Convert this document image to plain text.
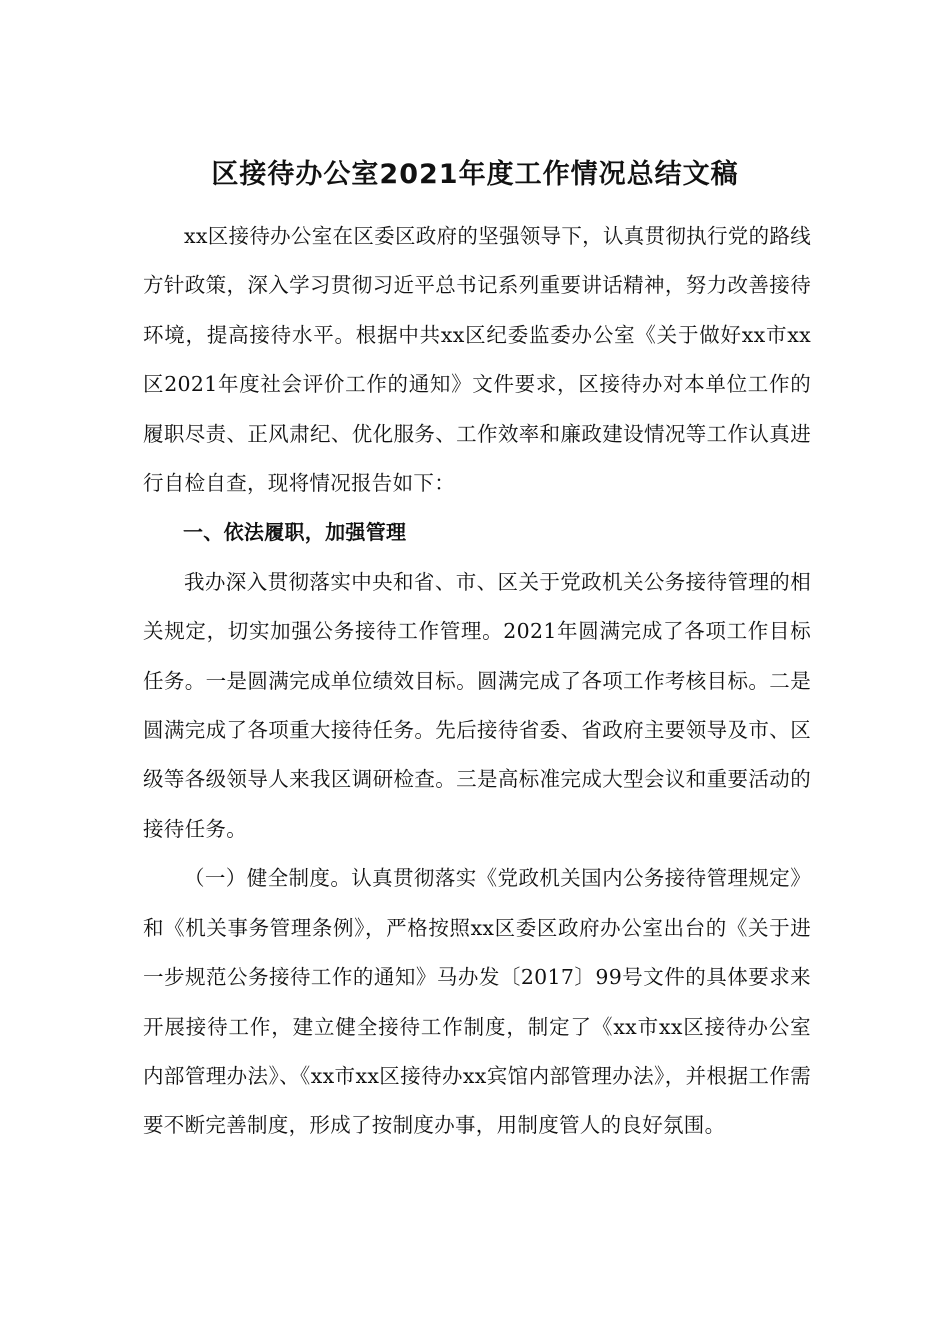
区接待办公室2021年度工作情况总结文稿

xx区接待办公室在区委区政府的坚强领导下，认真贯彻执行党的路线方针政策，深入学习贯彻习近平总书记系列重要讲话精神，努力改善接待环境，提高接待水平。根据中共xx区纪委监委办公室《关于做好xx市xx区2021年度社会评价工作的通知》文件要求，区接待办对本单位工作的履职尽责、正风肃纪、优化服务、工作效率和廉政建设情况等工作认真进行自检自查，现将情况报告如下：

一、依法履职，加强管理

我办深入贯彻落实中央和省、市、区关于党政机关公务接待管理的相关规定，切实加强公务接待工作管理。2021年圆满完成了各项工作目标任务。一是圆满完成单位绩效目标。圆满完成了各项工作考核目标。二是圆满完成了各项重大接待任务。先后接待省委、省政府主要领导及市、区级等各级领导人来我区调研检查。三是高标准完成大型会议和重要活动的接待任务。

（一）健全制度。认真贯彻落实《党政机关国内公务接待管理规定》和《机关事务管理条例》，严格按照xx区委区政府办公室出台的《关于进一步规范公务接待工作的通知》马办发〔2017〕99号文件的具体要求来开展接待工作，建立健全接待工作制度，制定了《xx市xx区接待办公室内部管理办法》、《xx市xx区接待办xx宾馆内部管理办法》，并根据工作需要不断完善制度，形成了按制度办事，用制度管人的良好氛围。
